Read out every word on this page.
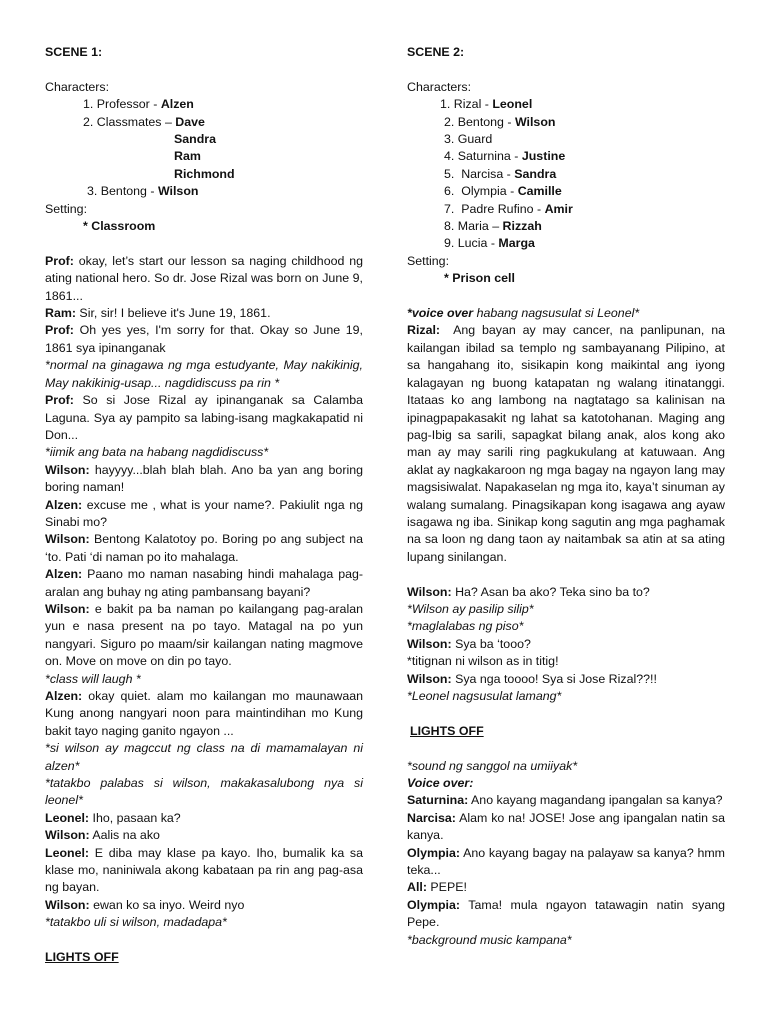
SCENE 1:

Characters:

1. Professor - Alzen

2. Classmates – Dave

Sandra

Ram

Richmond

3. Bentong - Wilson

Setting:

* Classroom

Prof: okay, let’s start our lesson sa naging childhood ng ating national hero. So dr. Jose Rizal was born on June 9, 1861...

Ram: Sir, sir! I believe it's June 19, 1861.

Prof: Oh yes yes, I'm sorry for that. Okay so June 19, 1861 sya ipinanganak

*normal na ginagawa ng mga estudyante, May nakikinig, May nakikinig-usap... nagdidiscuss pa rin *

Prof: So si Jose Rizal ay ipinanganak sa Calamba Laguna. Sya ay pampito sa labing-isang magkakapatid ni Don...

*iimik ang bata na habang nagdidiscuss*

Wilson: hayyyy...blah blah blah. Ano ba yan ang boring boring naman!

Alzen: excuse me , what is your name?. Pakiulit nga ng Sinabi mo?

Wilson: Bentong Kalatotoy po. Boring po ang subject na ‘to. Pati ‘di naman po ito mahalaga.

Alzen: Paano mo naman nasabing hindi mahalaga pag-aralan ang buhay ng ating pambansang bayani?

Wilson: e bakit pa ba naman po kailangang pag-aralan yun e nasa present na po tayo. Matagal na po yun nangyari. Siguro po maam/sir kailangan nating magmove on. Move on move on din po tayo.

*class will laugh *

Alzen: okay quiet. alam mo kailangan mo maunawaan Kung anong nangyari noon para maintindihan mo Kung bakit tayo naging ganito ngayon ...

*si wilson ay magccut ng class na di mamamalayan ni alzen*

*tatakbo palabas si wilson, makakasalubong nya si leonel*

Leonel: Iho, pasaan ka?

Wilson: Aalis na ako

Leonel: E diba may klase pa kayo. Iho, bumalik ka sa klase mo, naniniwala akong kabataan pa rin ang pag-asa ng bayan.

Wilson: ewan ko sa inyo. Weird nyo

*tatakbo uli si wilson, madadapa*

LIGHTS OFF

SCENE 2:

Characters:

1. Rizal - Leonel

2. Bentong - Wilson

3. Guard

4. Saturnina - Justine

5.  Narcisa - Sandra

6.  Olympia - Camille

7.  Padre Rufino - Amir

8. Maria – Rizzah

9. Lucia - Marga

Setting:

* Prison cell

*voice over habang nagsusulat si Leonel*

Rizal:  Ang bayan ay may cancer, na panlipunan, na kailangan ibilad sa templo ng sambayanang Pilipino, at sa hangahang ito, sisikapin kong maikintal ang iyong kalagayan ng buong katapatan ng walang itinatanggi. Itataas ko ang lambong na nagtatago sa kalinisan na ipinagpapakasakit ng lahat sa katotohanan. Maging ang pag-Ibig sa sarili, sapagkat bilang anak, alos kong ako man ay may sarili ring pagkukulang at katuwaan. Ang aklat ay nagkakaroon ng mga bagay na ngayon lang may magsisiwalat. Napakaselan ng mga ito, kaya’t sinuman ay walang sumalang. Pinagsikapan kong isagawa ang ayaw isagawa ng iba. Sinikap kong sagutin ang mga paghamak na sa loon ng dang taon ay naitambak sa atin at sa ating lupang sinilangan.

Wilson: Ha? Asan ba ako? Teka sino ba to?

*Wilson ay pasilip silip*

*maglalabas ng piso*

Wilson: Sya ba ‘tooo?

*titignan ni wilson as in titig!

Wilson: Sya nga toooo! Sya si Jose Rizal??!!

*Leonel nagsusulat lamang*

LIGHTS OFF

*sound ng sanggol na umiiyak*

Voice over:

Saturnina: Ano kayang magandang ipangalan sa kanya?

Narcisa: Alam ko na! JOSE! Jose ang ipangalan natin sa kanya.

Olympia: Ano kayang bagay na palayaw sa kanya? hmm teka...

All: PEPE!

Olympia: Tama! mula ngayon tatawagin natin syang Pepe.

*background music kampana*
